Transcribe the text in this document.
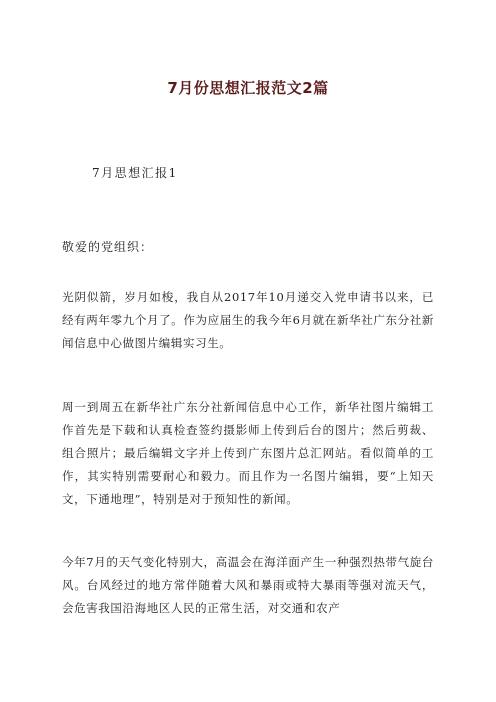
7月份思想汇报范文2篇
7月思想汇报1
敬爱的党组织：
光阴似箭，岁月如梭，我自从2017年10月递交入党申请书以来，已经有两年零九个月了。作为应届生的我今年6月就在新华社广东分社新闻信息中心做图片编辑实习生。
周一到周五在新华社广东分社新闻信息中心工作，新华社图片编辑工作首先是下载和认真检查签约摄影师上传到后台的图片；然后剪裁、组合照片；最后编辑文字并上传到广东图片总汇网站。看似简单的工作，其实特别需要耐心和毅力。而且作为一名图片编辑，要“上知天文，下通地理”，特别是对于预知性的新闻。
今年7月的天气变化特别大，高温会在海洋面产生一种强烈热带气旋台风。台风经过的地方常伴随着大风和暴雨或特大暴雨等强对流天气，会危害我国沿海地区人民的正常生活，对交通和农产
